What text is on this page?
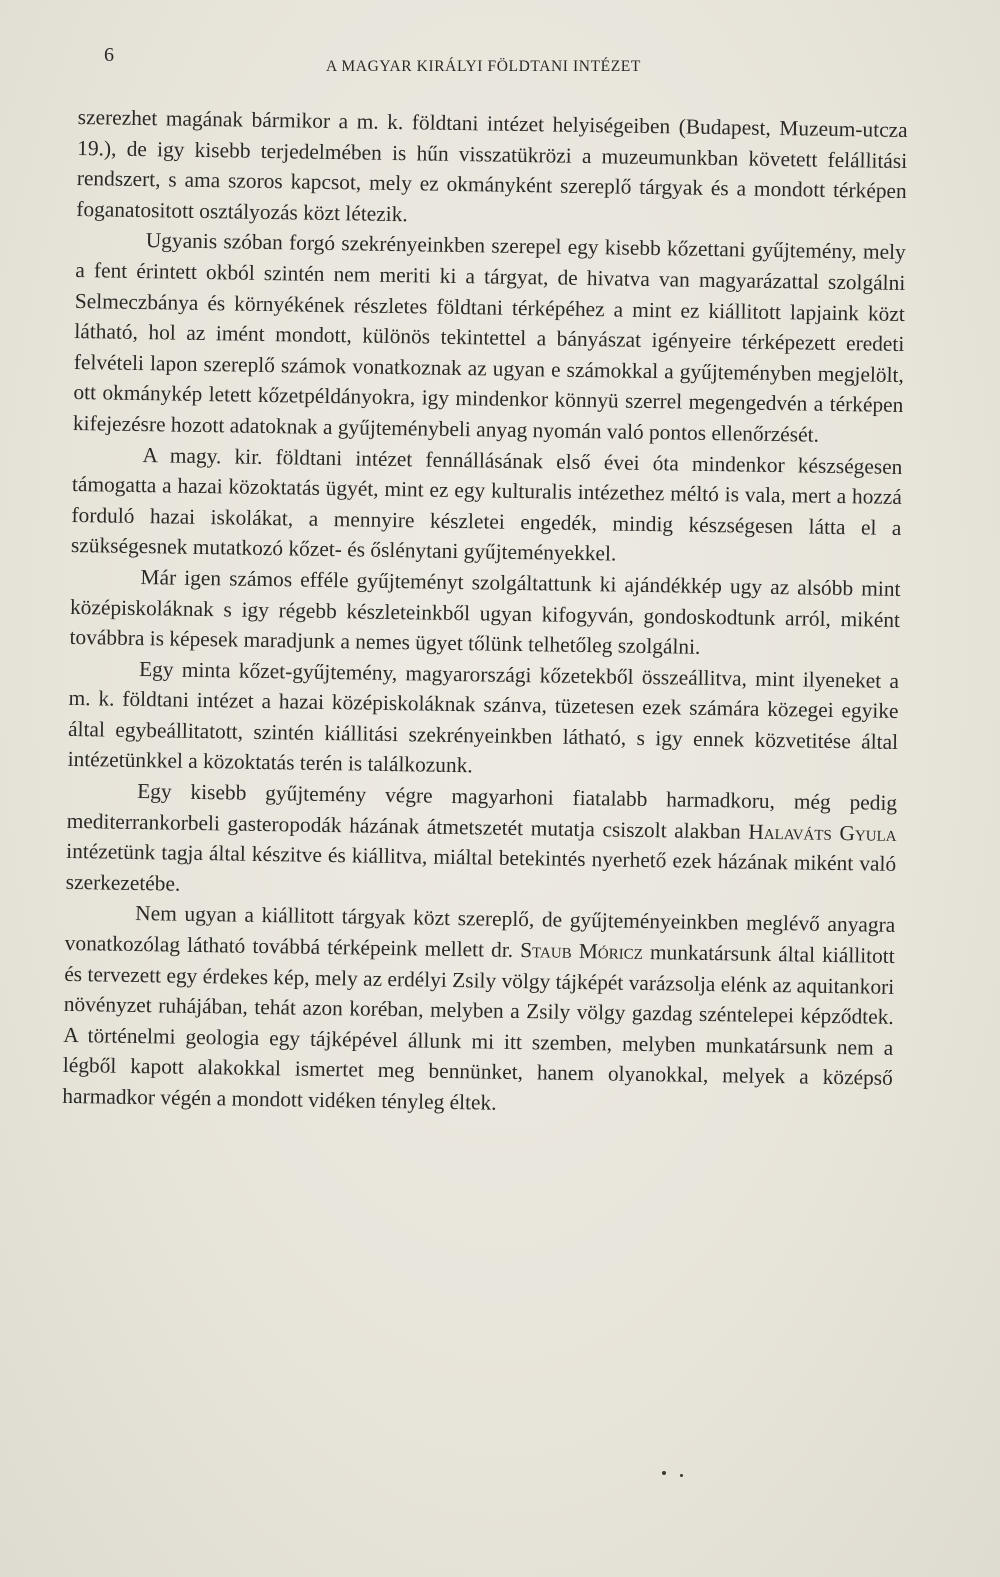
6
A MAGYAR KIRÁLYI FÖLDTANI INTÉZET

szerezhet magának bármikor a m. k. földtani intézet helyiségeiben (Budapest, Muzeum-utcza 19.), de igy kisebb terjedelmében is hűn visszatükrözi a muzeumunkban követett felállitási rendszert, s ama szoros kapcsot, mely ez okmányként szereplő tárgyak és a mondott térképen foganatositott osztályozás közt létezik.

Ugyanis szóban forgó szekrényeinkben szerepel egy kisebb kőzettani gyűjtemény, mely a fent érintett okból szintén nem meriti ki a tárgyat, de hivatva van magyarázattal szolgálni Selmeczbánya és környékének részletes földtani térképéhez a mint ez kiállitott lapjaink közt látható, hol az imént mondott, különös tekintettel a bányászat igényeire térképezett eredeti felvételi lapon szereplő számok vonatkoznak az ugyan e számokkal a gyűjteményben megjelölt, ott okmánykép letett kőzetpéldányokra, igy mindenkor könnyü szerrel megengedvén a térképen kifejezésre hozott adatoknak a gyűjteménybeli anyag nyomán való pontos ellenőrzését.

A magy. kir. földtani intézet fennállásának első évei óta mindenkor készségesen támogatta a hazai közoktatás ügyét, mint ez egy kulturalis intézethez méltó is vala, mert a hozzá forduló hazai iskolákat, a mennyire készletei engedék, mindig készségesen látta el a szükségesnek mutatkozó kőzet- és őslénytani gyűjteményekkel.

Már igen számos efféle gyűjteményt szolgáltattunk ki ajándékkép ugy az alsóbb mint középiskoláknak s igy régebb készleteinkből ugyan kifogyván, gondoskodtunk arról, miként továbbra is képesek maradjunk a nemes ügyet tőlünk telhetőleg szolgálni.

Egy minta kőzet-gyűjtemény, magyarországi kőzetekből összeállitva, mint ilyeneket a m. k. földtani intézet a hazai középiskoláknak szánva, tüzetesen ezek számára közegei egyike által egybeállitatott, szintén kiállitási szekrényeinkben látható, s igy ennek közvetitése által intézetünkkel a közoktatás terén is találkozunk.

Egy kisebb gyűjtemény végre magyarhoni fiatalabb harmadkoru, még pedig mediterrankorbeli gasteropodák házának átmetszetét mutatja csiszolt alakban Halaváts Gyula intézetünk tagja által készitve és kiállitva, miáltal betekintés nyerhető ezek házának miként való szerkezetébe.

Nem ugyan a kiállitott tárgyak közt szereplő, de gyűjteményeinkben meglévő anyagra vonatkozólag látható továbbá térképeink mellett dr. Staub Móricz munkatársunk által kiállitott és tervezett egy érdekes kép, mely az erdélyi Zsily völgy tájképét varázsolja elénk az aquitankori növényzet ruhájában, tehát azon koréban, melyben a Zsily völgy gazdag széntelepei képződtek. A történelmi geologia egy tájképével állunk mi itt szemben, melyben munkatársunk nem a légből kapott alakokkal ismertet meg bennünket, hanem olyanokkal, melyek a középső harmadkor végén a mondott vidéken tényleg éltek.
